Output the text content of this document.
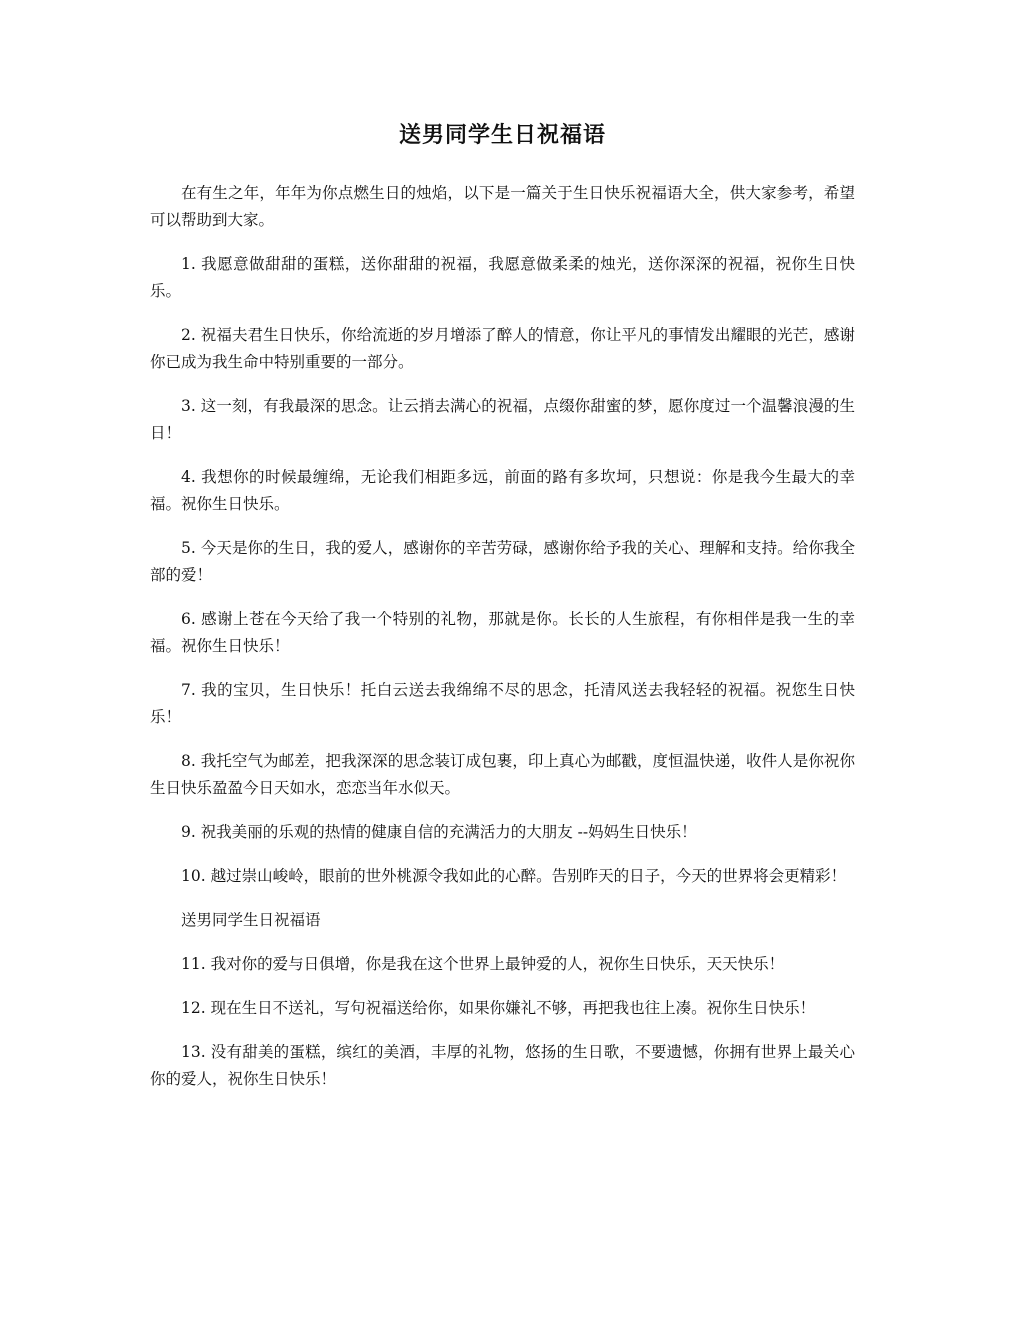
送男同学生日祝福语

在有生之年，年年为你点燃生日的烛焰，以下是一篇关于生日快乐祝福语大全，供大家参考，希望可以帮助到大家。

1. 我愿意做甜甜的蛋糕，送你甜甜的祝福，我愿意做柔柔的烛光，送你深深的祝福，祝你生日快乐。

2. 祝福夫君生日快乐，你给流逝的岁月增添了醉人的情意，你让平凡的事情发出耀眼的光芒，感谢你已成为我生命中特别重要的一部分。

3. 这一刻，有我最深的思念。让云捎去满心的祝福，点缀你甜蜜的梦，愿你度过一个温馨浪漫的生日！

4. 我想你的时候最缠绵，无论我们相距多远，前面的路有多坎坷，只想说：你是我今生最大的幸福。祝你生日快乐。

5. 今天是你的生日，我的爱人，感谢你的辛苦劳碌，感谢你给予我的关心、理解和支持。给你我全部的爱！

6. 感谢上苍在今天给了我一个特别的礼物，那就是你。长长的人生旅程，有你相伴是我一生的幸福。祝你生日快乐！

7. 我的宝贝，生日快乐！托白云送去我绵绵不尽的思念，托清风送去我轻轻的祝福。祝您生日快乐！

8. 我托空气为邮差，把我深深的思念装订成包裹，印上真心为邮戳，度恒温快递，收件人是你祝你生日快乐盈盈今日天如水，恋恋当年水似天。

9. 祝我美丽的乐观的热情的健康自信的充满活力的大朋友 --妈妈生日快乐！

10. 越过崇山峻岭，眼前的世外桃源令我如此的心醉。告别昨天的日子，今天的世界将会更精彩！

送男同学生日祝福语

11. 我对你的爱与日俱增，你是我在这个世界上最钟爱的人，祝你生日快乐，天天快乐！

12. 现在生日不送礼，写句祝福送给你，如果你嫌礼不够，再把我也往上凑。祝你生日快乐！

13. 没有甜美的蛋糕，缤红的美酒，丰厚的礼物，悠扬的生日歌，不要遗憾，你拥有世界上最关心你的爱人，祝你生日快乐！
